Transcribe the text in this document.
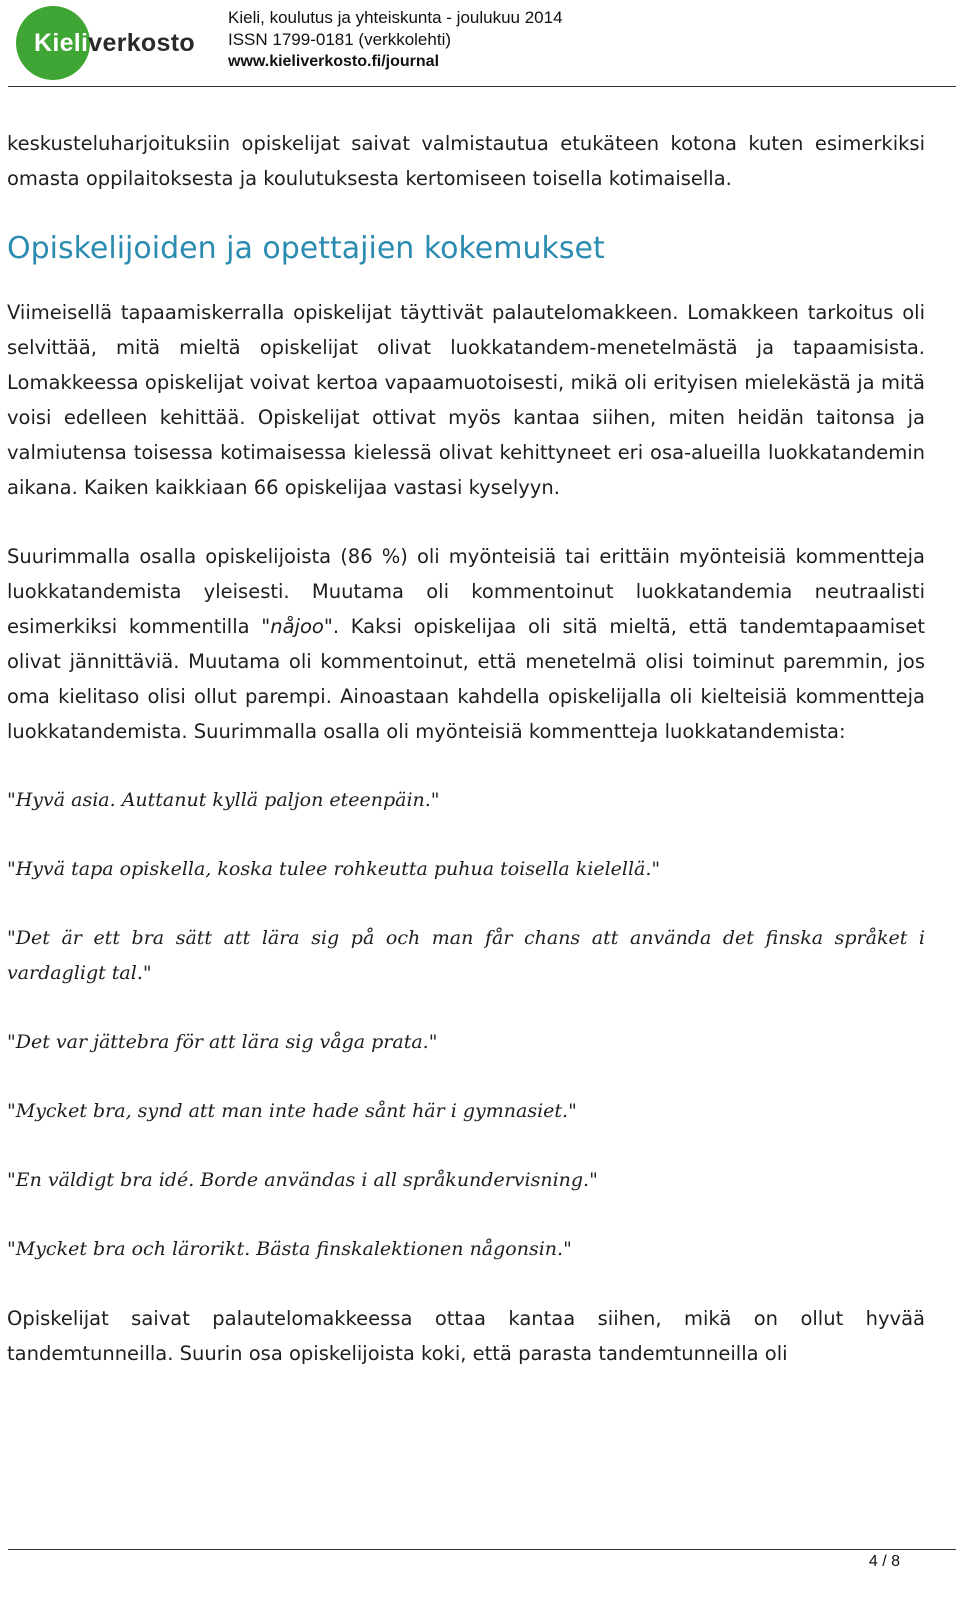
Kieliverkosto
Kieli, koulutus ja yhteiskunta - joulukuu 2014
ISSN 1799-0181 (verkkolehti)
www.kieliverkosto.fi/journal

keskusteluharjoituksiin opiskelijat saivat valmistautua etukäteen kotona kuten esimerkiksi omasta oppilaitoksesta ja koulutuksesta kertomiseen toisella kotimaisella.

Opiskelijoiden ja opettajien kokemukset

Viimeisellä tapaamiskerralla opiskelijat täyttivät palautelomakkeen. Lomakkeen tarkoitus oli selvittää, mitä mieltä opiskelijat olivat luokkatandem-menetelmästä ja tapaamisista. Lomakkeessa opiskelijat voivat kertoa vapaamuotoisesti, mikä oli erityisen mielekästä ja mitä voisi edelleen kehittää. Opiskelijat ottivat myös kantaa siihen, miten heidän taitonsa ja valmiutensa toisessa kotimaisessa kielessä olivat kehittyneet eri osa-alueilla luokkatandemin aikana. Kaiken kaikkiaan 66 opiskelijaa vastasi kyselyyn.

Suurimmalla osalla opiskelijoista (86 %) oli myönteisiä tai erittäin myönteisiä kommentteja luokkatandemista yleisesti. Muutama oli kommentoinut luokkatandemia neutraalisti esimerkiksi kommentilla "nåjoo". Kaksi opiskelijaa oli sitä mieltä, että tandemtapaamiset olivat jännittäviä. Muutama oli kommentoinut, että menetelmä olisi toiminut paremmin, jos oma kielitaso olisi ollut parempi. Ainoastaan kahdella opiskelijalla oli kielteisiä kommentteja luokkatandemista. Suurimmalla osalla oli myönteisiä kommentteja luokkatandemista:

"Hyvä asia. Auttanut kyllä paljon eteenpäin."

"Hyvä tapa opiskella, koska tulee rohkeutta puhua toisella kielellä."

"Det är ett bra sätt att lära sig på och man får chans att använda det finska språket i vardagligt tal."

"Det var jättebra för att lära sig våga prata."

"Mycket bra, synd att man inte hade sånt här i gymnasiet."

"En väldigt bra idé. Borde användas i all språkundervisning."

"Mycket bra och lärorikt. Bästa finskalektionen någonsin."

Opiskelijat saivat palautelomakkeessa ottaa kantaa siihen, mikä on ollut hyvää tandemtunneilla. Suurin osa opiskelijoista koki, että parasta tandemtunneilla oli

4 / 8
